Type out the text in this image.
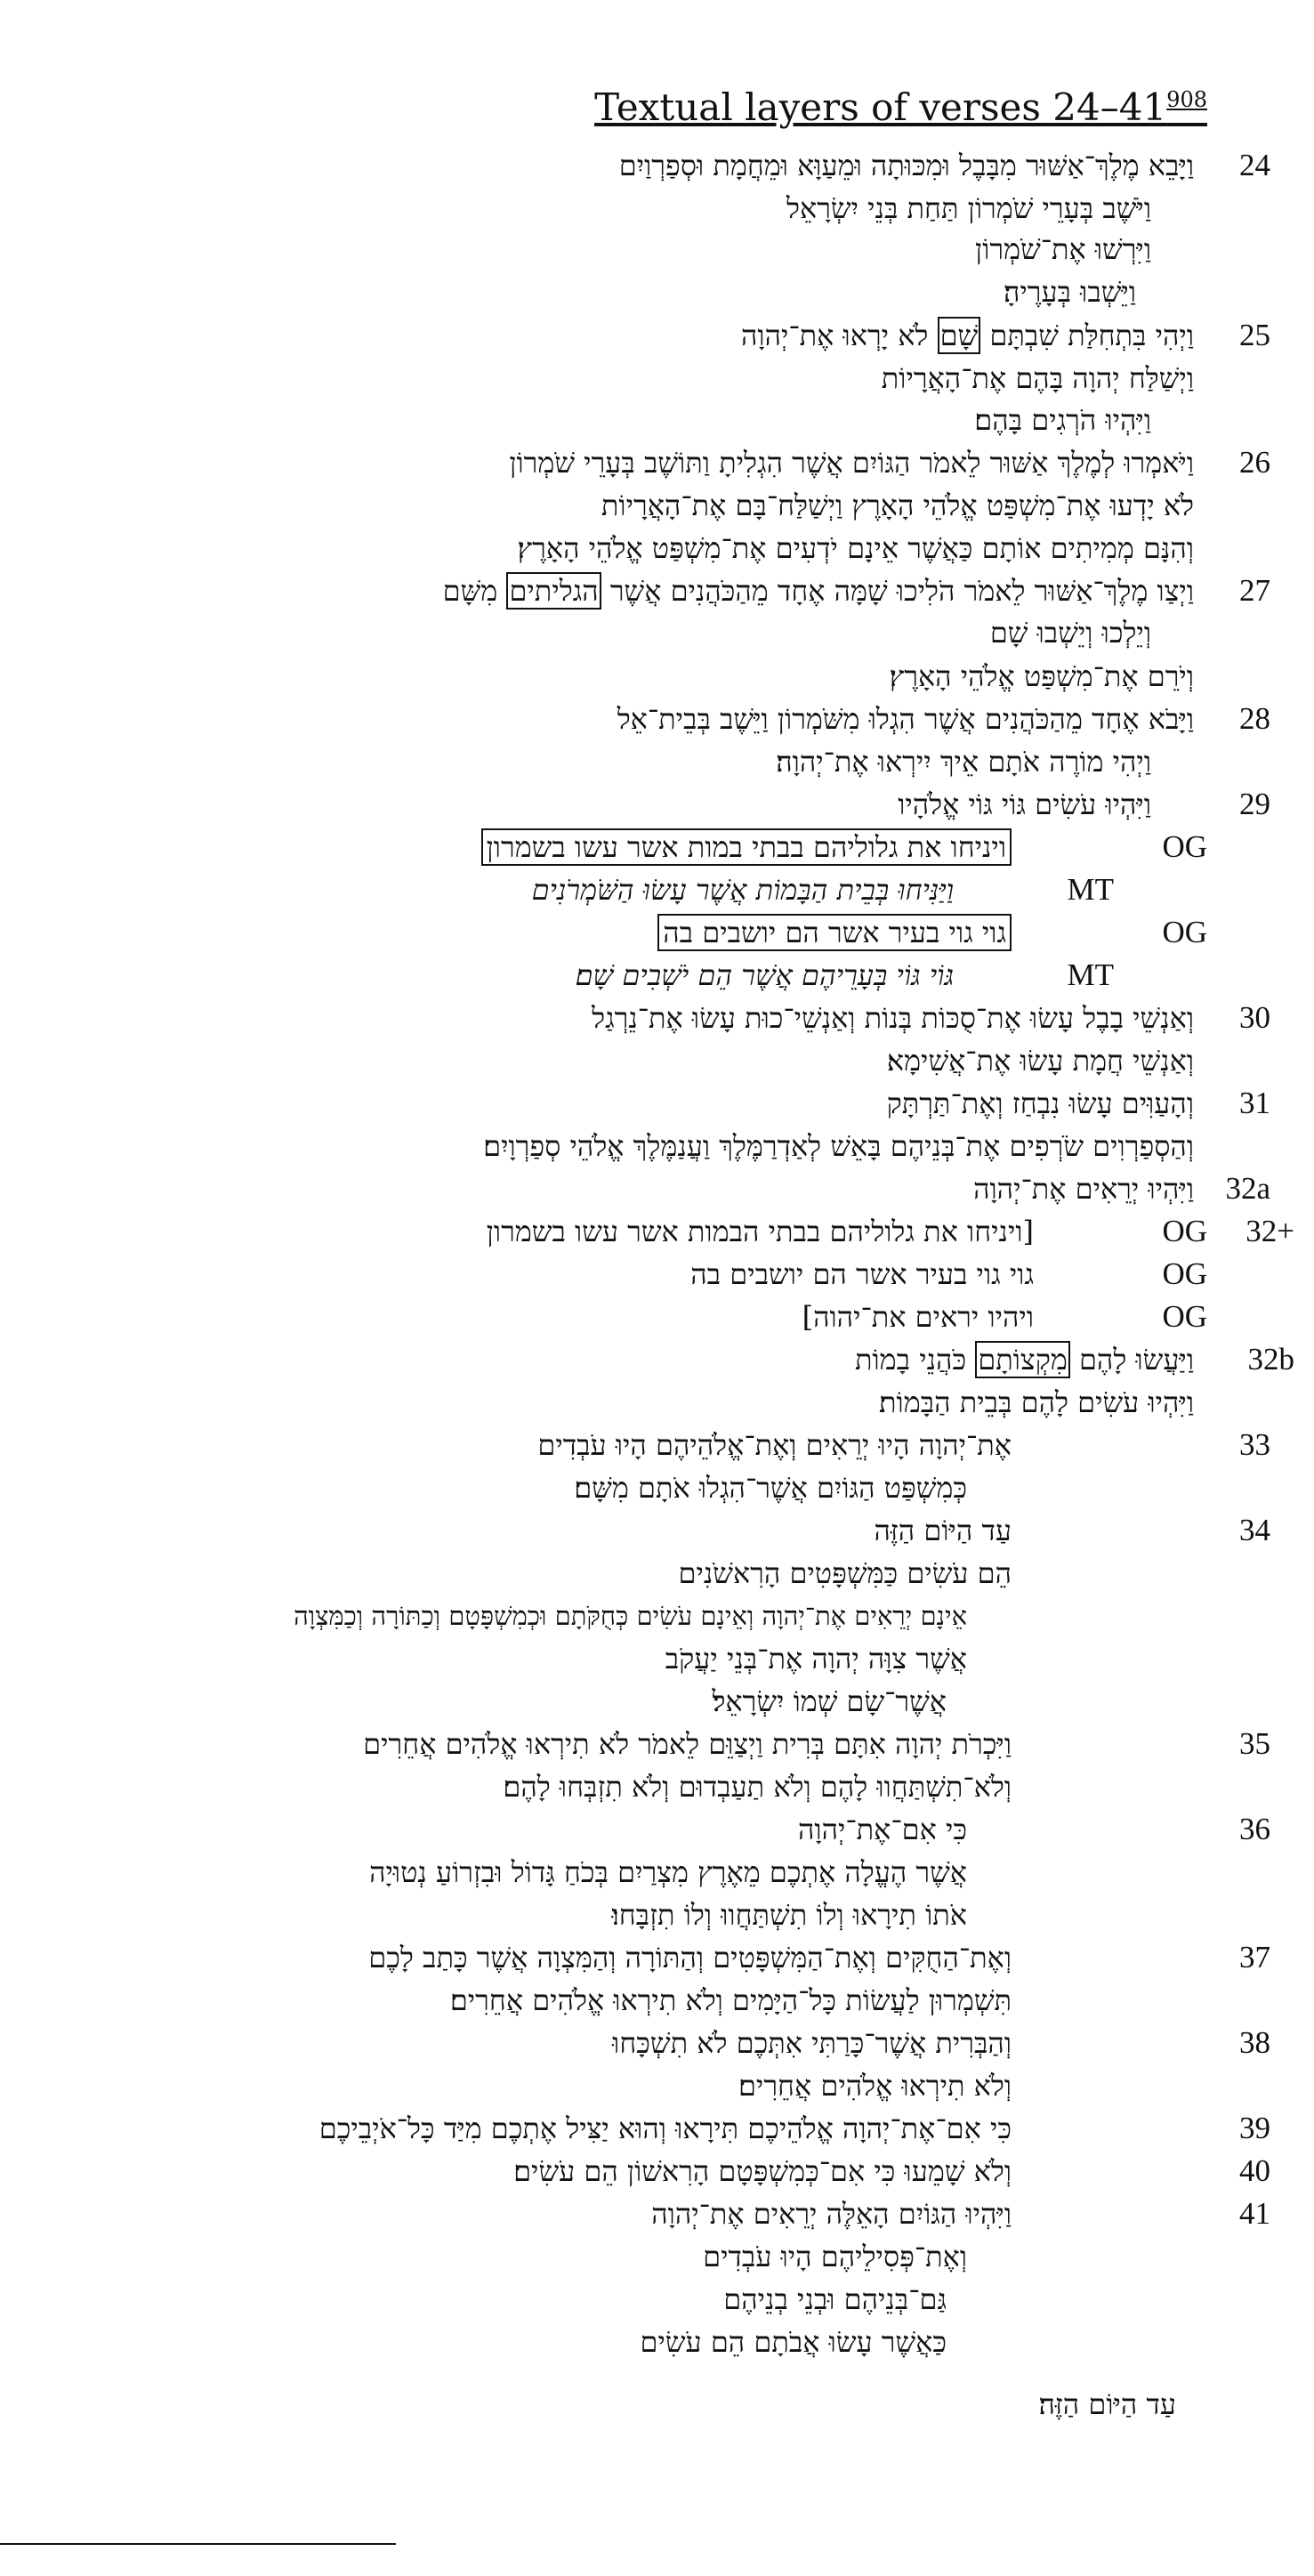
Textual layers of verses $24-41^{908}$
24
וַיָּבֵא מֶלֶךְ־אַשּׁוּר מִבָּבֶל וּמִכּוּתָה וּמֵעַוָּא וּמֵחֲמָת וּסְפַרְוַיִם
וַיֹּשֶׁב בְּעָרֵי שֹׁמְרוֹן תַּחַת בְּנֵי יִשְׂרָאֵל
וַיִּרְשׁוּ אֶת־שֹׁמְרוֹן
וַיֵּשְׁבוּ בְּעָרֶיהָ׃
25
וַיְהִי בִּתְחִלַּת שִׁבְתָּם שָׁם לֹא יָרְאוּ אֶת־יְהוָה
וַיְשַׁלַּח יְהוָה בָּהֶם אֶת־הָאֲרָיוֹת
וַיִּהְיוּ הֹרְגִים בָּהֶם׃
26
וַיֹּאמְרוּ לְמֶלֶךְ אַשּׁוּר לֵאמֹר הַגּוֹיִם אֲשֶׁר הִגְלִיתָ וַתּוֹשֶׁב בְּעָרֵי שֹׁמְרוֹן
לֹא יָדְעוּ אֶת־מִשְׁפַּט אֱלֹהֵי הָאָרֶץ וַיְשַׁלַּח־בָּם אֶת־הָאֲרָיוֹת
וְהִנָּם מְמִיתִים אוֹתָם כַּאֲשֶׁר אֵינָם יֹדְעִים אֶת־מִשְׁפַּט אֱלֹהֵי הָאָרֶץ׃
27
וַיְצַו מֶלֶךְ־אַשּׁוּר לֵאמֹר הֹלִיכוּ שָׁמָּה אֶחָד מֵהַכֹּהֲנִים אֲשֶׁר הגליתים מִשָּׁם
וְיֵלְכוּ וְיֵשְׁבוּ שָׁם
וְיֹרֵם אֶת־מִשְׁפַּט אֱלֹהֵי הָאָרֶץ׃
28
וַיָּבֹא אֶחָד מֵהַכֹּהֲנִים אֲשֶׁר הִגְלוּ מִשֹּׁמְרוֹן וַיֵּשֶׁב בְּבֵית־אֵל
וַיְהִי מוֹרֶה אֹתָם אֵיךְ יִירְאוּ אֶת־יְהוָה׃
29
וַיִּהְיוּ עֹשִׂים גּוֹי גּוֹי אֱלֹהָיו
OG
ויניחו את גלוליהם בבתי במות אשר עשו בשמרון
MT
וַיַּנִּיחוּ בְּבֵית הַבָּמוֹת אֲשֶׁר עָשׂוּ הַשֹּׁמְרֹנִים
OG
גוי גוי בעיר אשר הם יושבים בה
MT
גּוֹי גּוֹי בְּעָרֵיהֶם אֲשֶׁר הֵם יֹשְׁבִים שָׁם׃
30
וְאַנְשֵׁי בָבֶל עָשׂוּ אֶת־סֻכּוֹת בְּנוֹת וְאַנְשֵׁי־כוּת עָשׂוּ אֶת־נֵרְגַל
וְאַנְשֵׁי חֲמָת עָשׂוּ אֶת־אֲשִׁימָא׃
31
וְהָעַוִּים עָשׂוּ נִבְחַז וְאֶת־תַּרְתָּק
וְהַסְפַרְוִים שֹׂרְפִים אֶת־בְּנֵיהֶם בָּאֵשׁ לְאַדְרַמֶּלֶךְ וַעֲנַמֶּלֶךְ אֱלֹהֵי סְפַרְוָיִם׃
32a
וַיִּהְיוּ יְרֵאִים אֶת־יְהוָה
32+
OG
[ויניחו את גלוליהם בבתי הבמות אשר עשו בשמרון
OG
גוי גוי בעיר אשר הם יושבים בה
OG
ויהיו יראים את־יהוה]
32b
וַיַּעֲשׂוּ לָהֶם מִקְצוֹתָם כֹּהֲנֵי בָמוֹת
וַיִּהְיוּ עֹשִׂים לָהֶם בְּבֵית הַבָּמוֹת׃
33
אֶת־יְהוָה הָיוּ יְרֵאִים וְאֶת־אֱלֹהֵיהֶם הָיוּ עֹבְדִים
כְּמִשְׁפַּט הַגּוֹיִם אֲשֶׁר־הִגְלוּ אֹתָם מִשָּׁם׃
34
עַד הַיּוֹם הַזֶּה
הֵם עֹשִׂים כַּמִּשְׁפָּטִים הָרִאשֹׁנִים
אֵינָם יְרֵאִים אֶת־יְהוָה וְאֵינָם עֹשִׂים כְּחֻקֹּתָם וּכְמִשְׁפָּטָם וְכַתּוֹרָה וְכַמִּצְוָה
אֲשֶׁר צִוָּה יְהוָה אֶת־בְּנֵי יַעֲקֹב
אֲשֶׁר־שָׂם שְׁמוֹ יִשְׂרָאֵל׃
35
וַיִּכְרֹת יְהוָה אִתָּם בְּרִית וַיְצַוֵּם לֵאמֹר לֹא תִירְאוּ אֱלֹהִים אֲחֵרִים
וְלֹא־תִשְׁתַּחֲווּ לָהֶם וְלֹא תַעַבְדוּם וְלֹא תִזְבְּחוּ לָהֶם׃
36
כִּי אִם־אֶת־יְהוָה
אֲשֶׁר הֶעֱלָה אֶתְכֶם מֵאֶרֶץ מִצְרַיִם בְּכֹחַ גָּדוֹל וּבִזְרוֹעַ נְטוּיָה
אֹתוֹ תִירָאוּ וְלוֹ תִשְׁתַּחֲווּ וְלוֹ תִזְבָּחוּ׃
37
וְאֶת־הַחֻקִּים וְאֶת־הַמִּשְׁפָּטִים וְהַתּוֹרָה וְהַמִּצְוָה אֲשֶׁר כָּתַב לָכֶם
תִּשְׁמְרוּן לַעֲשׂוֹת כָּל־הַיָּמִים וְלֹא תִירְאוּ אֱלֹהִים אֲחֵרִים׃
38
וְהַבְּרִית אֲשֶׁר־כָּרַתִּי אִתְּכֶם לֹא תִשְׁכָּחוּ
וְלֹא תִירְאוּ אֱלֹהִים אֲחֵרִים׃
39
כִּי אִם־אֶת־יְהוָה אֱלֹהֵיכֶם תִּירָאוּ וְהוּא יַצִּיל אֶתְכֶם מִיַּד כָּל־אֹיְבֵיכֶם
40
וְלֹא שָׁמֵעוּ כִּי אִם־כְּמִשְׁפָּטָם הָרִאשׁוֹן הֵם עֹשִׂים׃
41
וַיִּהְיוּ הַגּוֹיִם הָאֵלֶּה יְרֵאִים אֶת־יְהוָה
וְאֶת־פְּסִילֵיהֶם הָיוּ עֹבְדִים
גַּם־בְּנֵיהֶם וּבְנֵי בְנֵיהֶם
כַּאֲשֶׁר עָשׂוּ אֲבֹתָם הֵם עֹשִׂים
עַד הַיּוֹם הַזֶּה׃
